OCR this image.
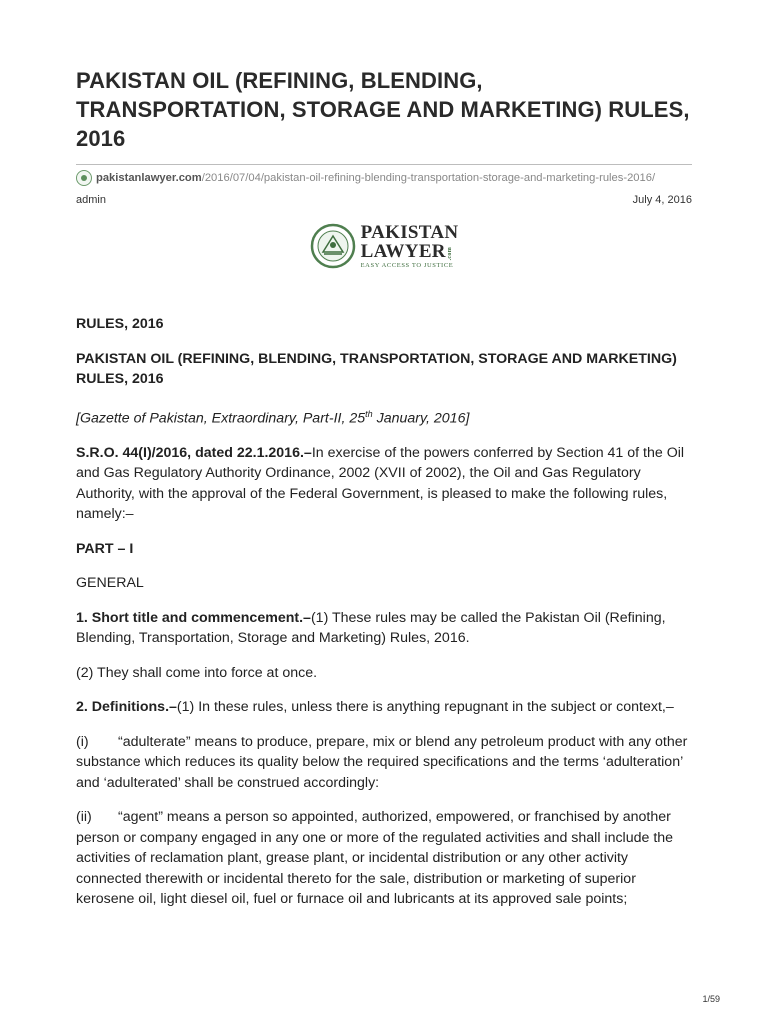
PAKISTAN OIL (REFINING, BLENDING, TRANSPORTATION, STORAGE AND MARKETING) RULES, 2016
pakistanlawyer.com /2016/07/04/pakistan-oil-refining-blending-transportation-storage-and-marketing-rules-2016/
admin	July 4, 2016
PAKISTAN
LAWYER .com
EASY ACCESS TO JUSTICE

RULES, 2016

PAKISTAN OIL (REFINING, BLENDING, TRANSPORTATION, STORAGE AND MARKETING) RULES, 2016

[Gazette of Pakistan, Extraordinary, Part-II, 25th January, 2016]

S.R.O. 44(I)/2016, dated 22.1.2016.–In exercise of the powers conferred by Section 41 of the Oil and Gas Regulatory Authority Ordinance, 2002 (XVII of 2002), the Oil and Gas Regulatory Authority, with the approval of the Federal Government, is pleased to make the following rules, namely:–

PART – I

GENERAL

1. Short title and commencement.–(1) These rules may be called the Pakistan Oil (Refining, Blending, Transportation, Storage and Marketing) Rules, 2016.

(2) They shall come into force at once.

2. Definitions.–(1) In these rules, unless there is anything repugnant in the subject or context,–

(i) “adulterate” means to produce, prepare, mix or blend any petroleum product with any other substance which reduces its quality below the required specifications and the terms ‘adulteration’ and ‘adulterated’ shall be construed accordingly:

(ii) “agent” means a person so appointed, authorized, empowered, or franchised by another person or company engaged in any one or more of the regulated activities and shall include the activities of reclamation plant, grease plant, or incidental distribution or any other activity connected therewith or incidental thereto for the sale, distribution or marketing of superior kerosene oil, light diesel oil, fuel or furnace oil and lubricants at its approved sale points;

1/59
